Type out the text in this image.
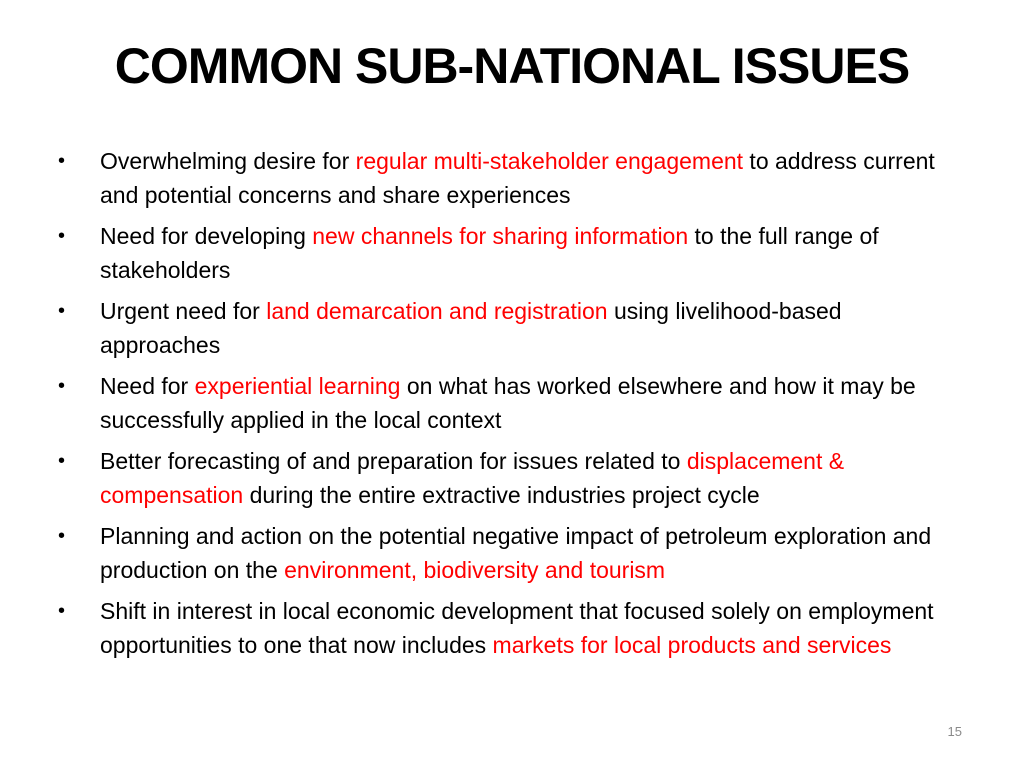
COMMON SUB-NATIONAL ISSUES
•	Overwhelming desire for regular multi-stakeholder engagement to address current and potential concerns and share experiences
•	Need for developing new channels for sharing information to the full range of stakeholders
•	Urgent need for land demarcation and registration using livelihood-based approaches
•	Need for experiential learning on what has worked elsewhere and how it may be successfully applied in the local context
•	Better forecasting of and preparation for issues related to displacement & compensation during the entire extractive industries project cycle
•	Planning and action on the potential negative impact of petroleum exploration and production on the environment, biodiversity and tourism
•	Shift in interest in local economic development that focused solely on employment opportunities to one that now includes markets for local products and services
15
